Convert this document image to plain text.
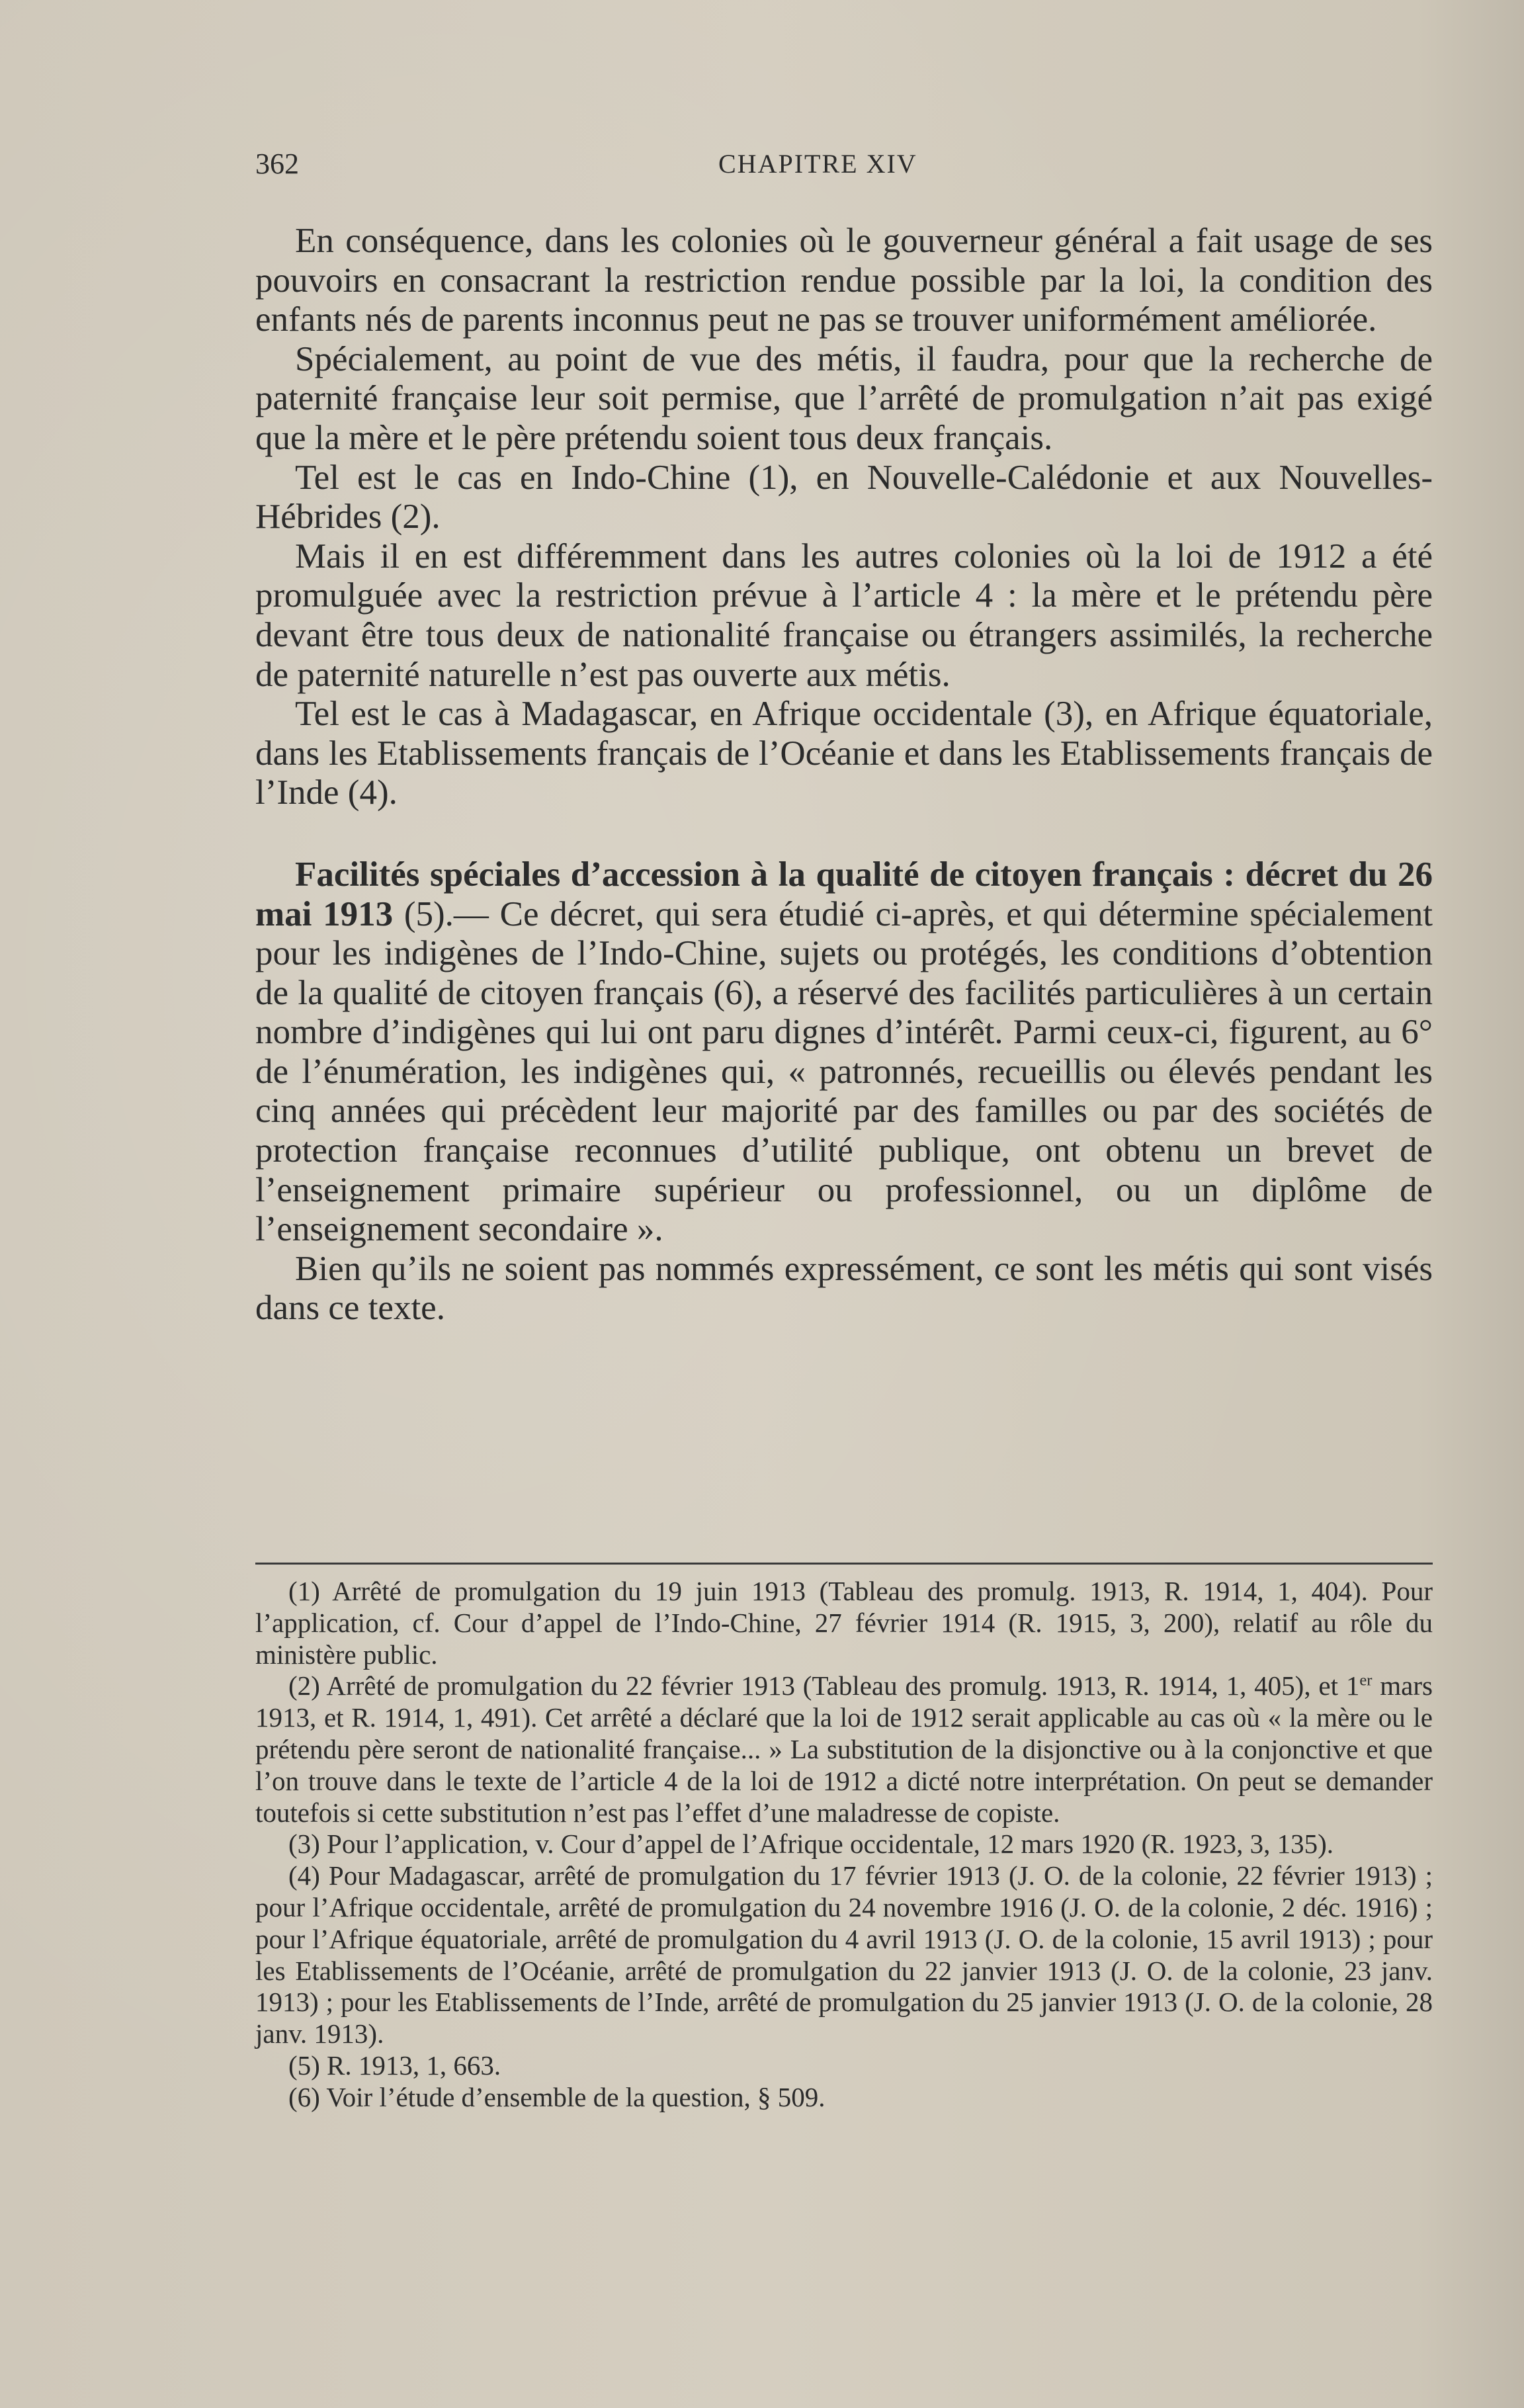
362	CHAPITRE XIV

En conséquence, dans les colonies où le gouverneur général a fait usage de ses pouvoirs en consacrant la restriction rendue possible par la loi, la condition des enfants nés de parents inconnus peut ne pas se trouver uniformément améliorée.

Spécialement, au point de vue des métis, il faudra, pour que la recherche de paternité française leur soit permise, que l’arrêté de promulgation n’ait pas exigé que la mère et le père prétendu soient tous deux français.

Tel est le cas en Indo-Chine (1), en Nouvelle-Calédonie et aux Nouvelles-Hébrides (2).

Mais il en est différemment dans les autres colonies où la loi de 1912 a été promulguée avec la restriction prévue à l’article 4 : la mère et le prétendu père devant être tous deux de nationalité française ou étrangers assimilés, la recherche de paternité naturelle n’est pas ouverte aux métis.

Tel est le cas à Madagascar, en Afrique occidentale (3), en Afrique équatoriale, dans les Etablissements français de l’Océanie et dans les Etablissements français de l’Inde (4).

Facilités spéciales d’accession à la qualité de citoyen français : décret du 26 mai 1913 (5).— Ce décret, qui sera étudié ci-après, et qui détermine spécialement pour les indigènes de l’Indo-Chine, sujets ou protégés, les conditions d’obtention de la qualité de citoyen français (6), a réservé des facilités particulières à un certain nombre d’indigènes qui lui ont paru dignes d’intérêt. Parmi ceux-ci, figurent, au 6° de l’énumération, les indigènes qui, « patronnés, recueillis ou élevés pendant les cinq années qui précèdent leur majorité par des familles ou par des sociétés de protection française reconnues d’utilité publique, ont obtenu un brevet de l’enseignement primaire supérieur ou professionnel, ou un diplôme de l’enseignement secondaire ».

Bien qu’ils ne soient pas nommés expressément, ce sont les métis qui sont visés dans ce texte.

(1) Arrêté de promulgation du 19 juin 1913 (Tableau des promulg. 1913, R. 1914, 1, 404). Pour l’application, cf. Cour d’appel de l’Indo-Chine, 27 février 1914 (R. 1915, 3, 200), relatif au rôle du ministère public.

(2) Arrêté de promulgation du 22 février 1913 (Tableau des promulg. 1913, R. 1914, 1, 405), et 1er mars 1913, et R. 1914, 1, 491). Cet arrêté a déclaré que la loi de 1912 serait applicable au cas où « la mère ou le prétendu père seront de nationalité française... » La substitution de la disjonctive ou à la conjonctive et que l’on trouve dans le texte de l’article 4 de la loi de 1912 a dicté notre interprétation. On peut se demander toutefois si cette substitution n’est pas l’effet d’une maladresse de copiste.

(3) Pour l’application, v. Cour d’appel de l’Afrique occidentale, 12 mars 1920 (R. 1923, 3, 135).

(4) Pour Madagascar, arrêté de promulgation du 17 février 1913 (J. O. de la colonie, 22 février 1913) ; pour l’Afrique occidentale, arrêté de promulgation du 24 novembre 1916 (J. O. de la colonie, 2 déc. 1916) ; pour l’Afrique équatoriale, arrêté de promulgation du 4 avril 1913 (J. O. de la colonie, 15 avril 1913) ; pour les Etablissements de l’Océanie, arrêté de promulgation du 22 janvier 1913 (J. O. de la colonie, 23 janv. 1913) ; pour les Etablissements de l’Inde, arrêté de promulgation du 25 janvier 1913 (J. O. de la colonie, 28 janv. 1913).

(5) R. 1913, 1, 663.

(6) Voir l’étude d’ensemble de la question, § 509.
